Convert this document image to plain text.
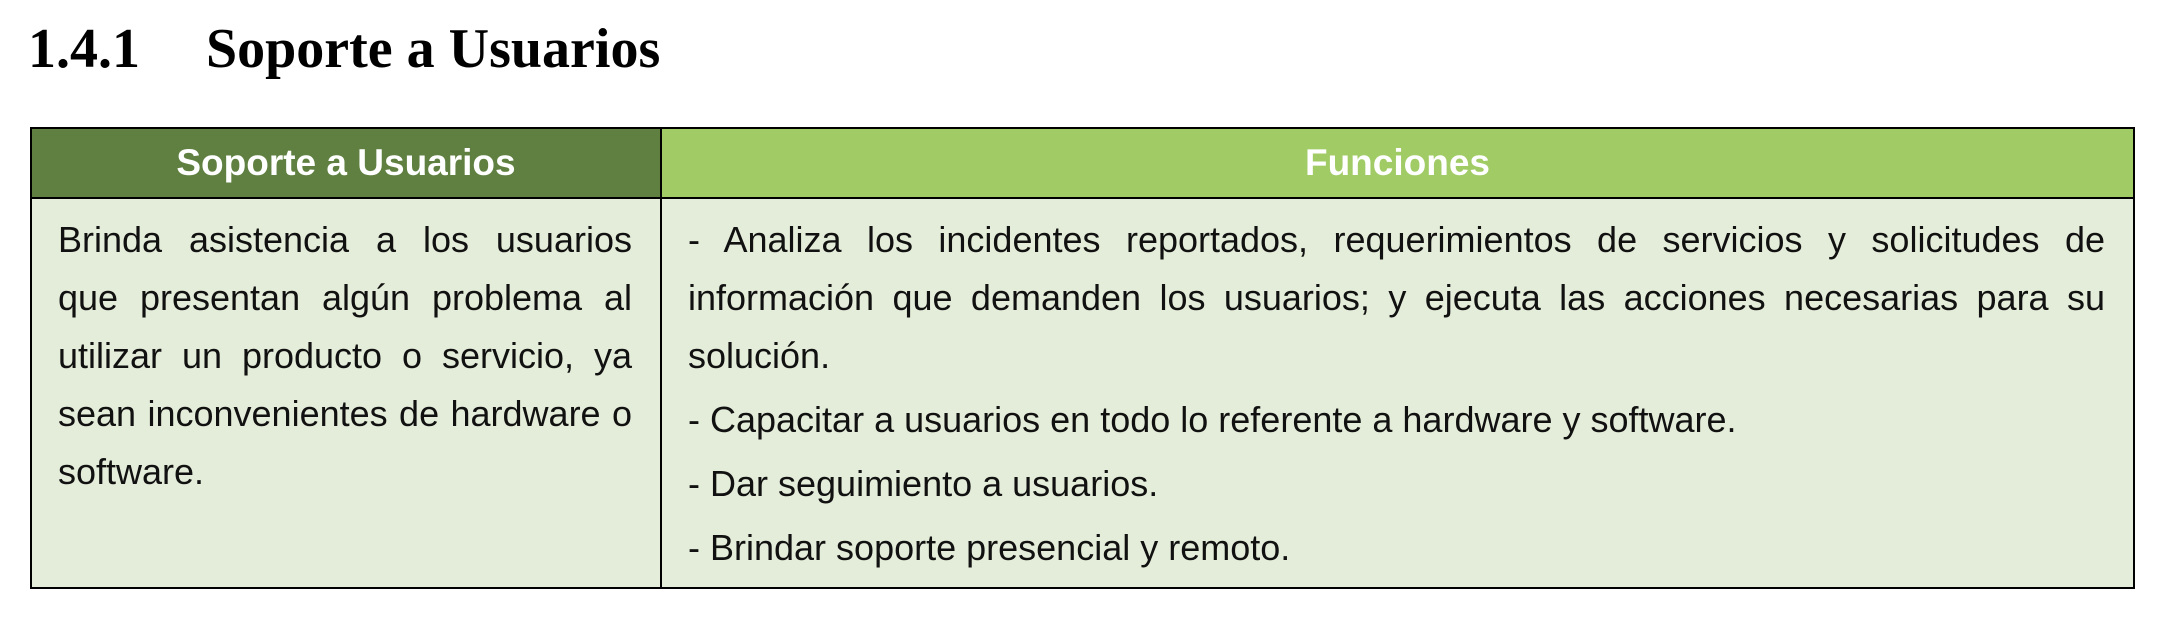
1.4.1	Soporte a Usuarios
Soporte a Usuarios	Funciones
Brinda asistencia a los usuarios que presentan algún problema al utilizar un producto o servicio, ya sean inconvenientes de hardware o software.	- Analiza los incidentes reportados, requerimientos de servicios y solicitudes de información que demanden los usuarios; y ejecuta las acciones necesarias para su solución.
- Capacitar a usuarios en todo lo referente a hardware y software.
- Dar seguimiento a usuarios.
- Brindar soporte presencial y remoto.
